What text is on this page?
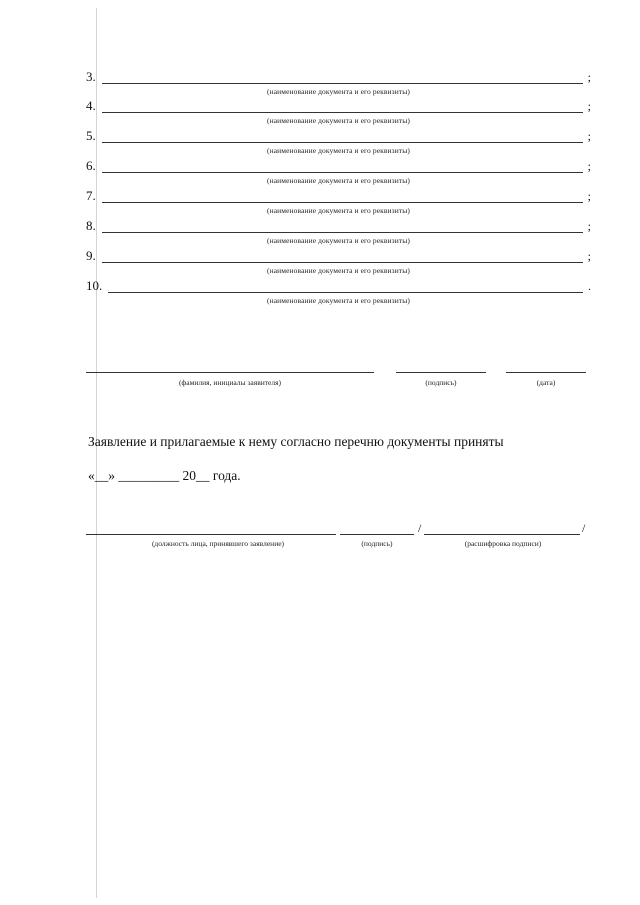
3.	;
(наименование документа и его реквизиты)
4.	;
(наименование документа и его реквизиты)
5.	;
(наименование документа и его реквизиты)
6.	;
(наименование документа и его реквизиты)
7.	;
(наименование документа и его реквизиты)
8.	;
(наименование документа и его реквизиты)
9.	;
(наименование документа и его реквизиты)
10.	.
(наименование документа и его реквизиты)
(фамилия, инициалы заявителя)	(подпись)	(дата)
Заявление и прилагаемые к нему согласно перечню документы приняты
«__» _________ 20__ года.
/	/
(должность лица, принявшего заявление)	(подпись)	(расшифровка подписи)
